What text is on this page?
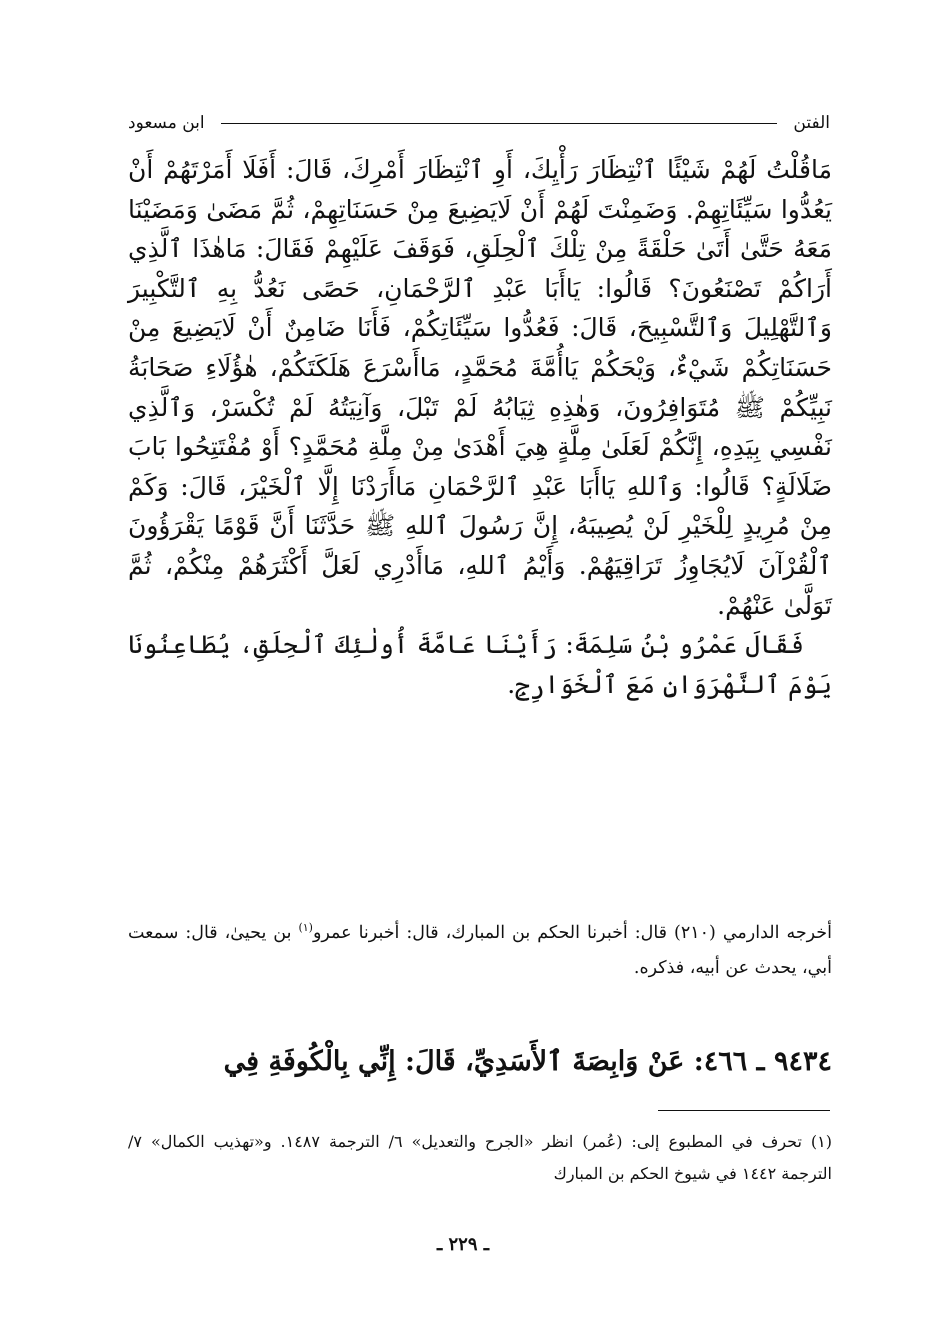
الفتن
ابن مسعود

مَاقُلْتُ لَهُمْ شَيْئًا ٱنْتِظَارَ رَأْيِكَ، أَوِ ٱنْتِظَارَ أَمْرِكَ، قَالَ: أَفَلَا أَمَرْتَهُمْ أَنْ يَعُدُّوا سَيِّئَاتِهِمْ. وَضَمِنْتَ لَهُمْ أَنْ لَايَضِيعَ مِنْ حَسَنَاتِهِمْ، ثُمَّ مَضَىٰ وَمَضَيْنَا مَعَهُ حَتَّىٰ أَتَىٰ حَلْقَةً مِنْ تِلْكَ ٱلْحِلَقِ، فَوَقَفَ عَلَيْهِمْ فَقَالَ: مَاهٰذَا ٱلَّذِي أَرَاكُمْ تَصْنَعُونَ؟ قَالُوا: يَاأَبَا عَبْدِ ٱلرَّحْمَانِ، حَصًى نَعُدُّ بِهِ ٱلتَّكْبِيرَ وَٱلتَّهْلِيلَ وَٱلتَّسْبِيحَ، قَالَ: فَعُدُّوا سَيِّئَاتِكُمْ، فَأَنَا ضَامِنٌ أَنْ لَايَضِيعَ مِنْ حَسَنَاتِكُمْ شَيْءٌ، وَيْحَكُمْ يَاأُمَّةَ مُحَمَّدٍ، مَاأَسْرَعَ هَلَكَتَكُمْ، هٰؤُلَاءِ صَحَابَةُ نَبِيِّكُمْ ﷺ مُتَوَافِرُونَ، وَهٰذِهِ ثِيَابُهُ لَمْ تَبْلَ، وَآنِيَتُهُ لَمْ تُكْسَرْ، وَٱلَّذِي نَفْسِي بِيَدِهِ، إِنَّكُمْ لَعَلَىٰ مِلَّةٍ هِيَ أَهْدَىٰ مِنْ مِلَّةِ مُحَمَّدٍ؟ أَوْ مُفْتَتِحُوا بَابَ ضَلَالَةٍ؟ قَالُوا: وَٱللهِ يَاأَبَا عَبْدِ ٱلرَّحْمَانِ مَاأَرَدْنَا إِلَّا ٱلْخَيْرَ، قَالَ: وَكَمْ مِنْ مُرِيدٍ لِلْخَيْرِ لَنْ يُصِيبَهُ، إِنَّ رَسُولَ ٱللهِ ﷺ حَدَّثَنَا أَنَّ قَوْمًا يَقْرَؤُونَ ٱلْقُرْآنَ لَايُجَاوِزُ تَرَاقِيَهُمْ. وَأَيْمُ ٱللهِ، مَاأَدْرِي لَعَلَّ أَكْثَرَهُمْ مِنْكُمْ، ثُمَّ تَوَلَّىٰ عَنْهُمْ.

فَقَالَ عَمْرُو بْنُ سَلِمَةَ: رَأَيْنَا عَامَّةَ أُولٰئِكَ ٱلْحِلَقِ، يُطَاعِنُونَا يَوْمَ ٱلنَّهْرَوَانِ مَعَ ٱلْخَوَارِجِ.

أخرجه الدارمي (٢١٠) قال: أخبرنا الحكم بن المبارك، قال: أخبرنا عمرو$^{(١)}$ بن يحيىٰ، قال: سمعت أبي، يحدث عن أبيه، فذكره.
٩٤٣٤ ـ ٤٦٦: عَنْ وَابِصَةَ ٱلأَسَدِيِّ، قَالَ: إِنِّي بِالْكُوفَةِ فِي
(١) تحرف في المطبوع إلى: (عُمر) انظر «الجرح والتعديل» ٦/ الترجمة ١٤٨٧. و«تهذيب الكمال» ٧/ الترجمة ١٤٤٢ في شيوخ الحكم بن المبارك
ـ ٢٢٩ ـ
